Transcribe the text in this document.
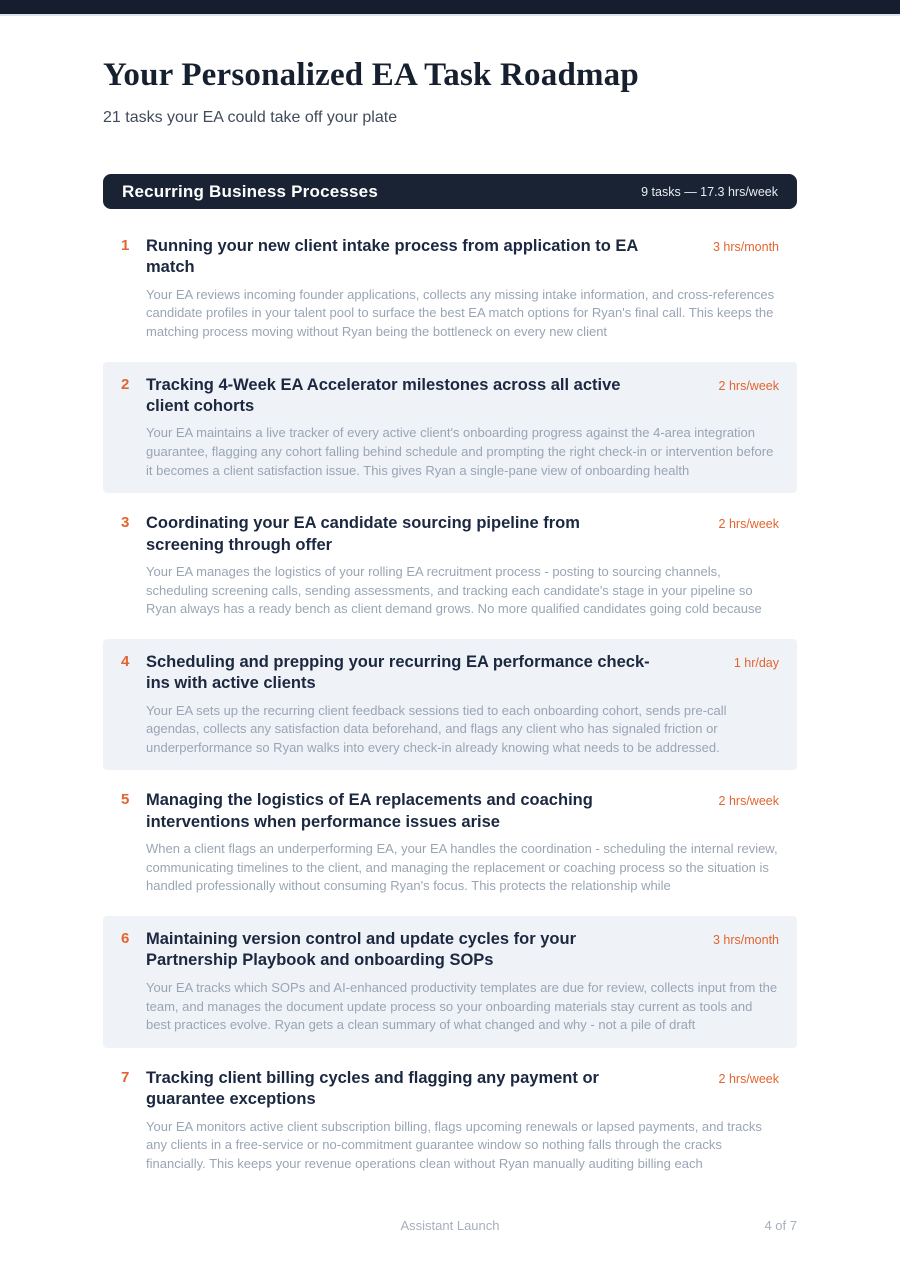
Your Personalized EA Task Roadmap
21 tasks your EA could take off your plate
Recurring Business Processes	9 tasks — 17.3 hrs/week
1	Running your new client intake process from application to EA match
3 hrs/month
Your EA reviews incoming founder applications, collects any missing intake information, and cross-references candidate profiles in your talent pool to surface the best EA match options for Ryan's final call. This keeps the matching process moving without Ryan being the bottleneck on every new client
2	Tracking 4-Week EA Accelerator milestones across all active client cohorts
2 hrs/week
Your EA maintains a live tracker of every active client's onboarding progress against the 4-area integration guarantee, flagging any cohort falling behind schedule and prompting the right check-in or intervention before it becomes a client satisfaction issue. This gives Ryan a single-pane view of onboarding health
3	Coordinating your EA candidate sourcing pipeline from screening through offer
2 hrs/week
Your EA manages the logistics of your rolling EA recruitment process - posting to sourcing channels, scheduling screening calls, sending assessments, and tracking each candidate's stage in your pipeline so Ryan always has a ready bench as client demand grows. No more qualified candidates going cold because
4	Scheduling and prepping your recurring EA performance check-ins with active clients
1 hr/day
Your EA sets up the recurring client feedback sessions tied to each onboarding cohort, sends pre-call agendas, collects any satisfaction data beforehand, and flags any client who has signaled friction or underperformance so Ryan walks into every check-in already knowing what needs to be addressed.
5	Managing the logistics of EA replacements and coaching interventions when performance issues arise
2 hrs/week
When a client flags an underperforming EA, your EA handles the coordination - scheduling the internal review, communicating timelines to the client, and managing the replacement or coaching process so the situation is handled professionally without consuming Ryan's focus. This protects the relationship while
6	Maintaining version control and update cycles for your Partnership Playbook and onboarding SOPs
3 hrs/month
Your EA tracks which SOPs and AI-enhanced productivity templates are due for review, collects input from the team, and manages the document update process so your onboarding materials stay current as tools and best practices evolve. Ryan gets a clean summary of what changed and why - not a pile of draft
7	Tracking client billing cycles and flagging any payment or guarantee exceptions
2 hrs/week
Your EA monitors active client subscription billing, flags upcoming renewals or lapsed payments, and tracks any clients in a free-service or no-commitment guarantee window so nothing falls through the cracks financially. This keeps your revenue operations clean without Ryan manually auditing billing each
Assistant Launch	4 of 7
